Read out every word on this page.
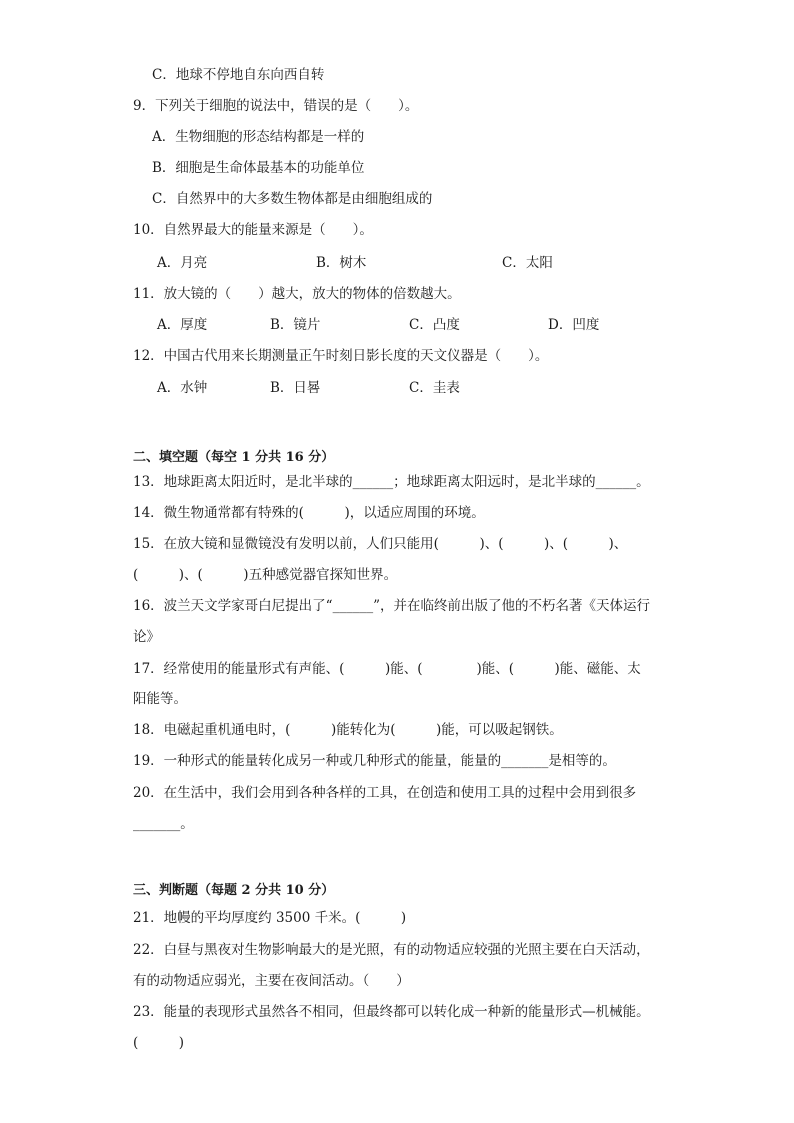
C．地球不停地自东向西自转
9．下列关于细胞的说法中，错误的是（　　）。
A．生物细胞的形态结构都是一样的
B．细胞是生命体最基本的功能单位
C．自然界中的大多数生物体都是由细胞组成的
10．自然界最大的能量来源是（　　）。
A．月亮	B．树木	C．太阳
11．放大镜的（　　）越大，放大的物体的倍数越大。
A．厚度	B．镜片	C．凸度	D．凹度
12．中国古代用来长期测量正午时刻日影长度的天文仪器是（　　）。
A．水钟	B．日晷	C．圭表
二、填空题（每空 1 分共 16 分）
13．地球距离太阳近时，是北半球的______；地球距离太阳远时，是北半球的______。
14．微生物通常都有特殊的(　　　)，以适应周围的环境。
15．在放大镜和显微镜没有发明以前，人们只能用(　　　)、(　　　)、(　　　)、
(　　　)、(　　　)五种感觉器官探知世界。
16．波兰天文学家哥白尼提出了“______”，并在临终前出版了他的不朽名著《天体运行
论》
17．经常使用的能量形式有声能、(　　　)能、(　　　　)能、(　　　)能、磁能、太
阳能等。
18．电磁起重机通电时，(　　　)能转化为(　　　)能，可以吸起钢铁。
19．一种形式的能量转化成另一种或几种形式的能量，能量的_______是相等的。
20．在生活中，我们会用到各种各样的工具，在创造和使用工具的过程中会用到很多
_______。
三、判断题（每题 2 分共 10 分）
21．地幔的平均厚度约 3500 千米。(　　　)
22．白昼与黑夜对生物影响最大的是光照，有的动物适应较强的光照主要在白天活动，
有的动物适应弱光，主要在夜间活动。（　　）
23．能量的表现形式虽然各不相同，但最终都可以转化成一种新的能量形式—机械能。
(　　　)
